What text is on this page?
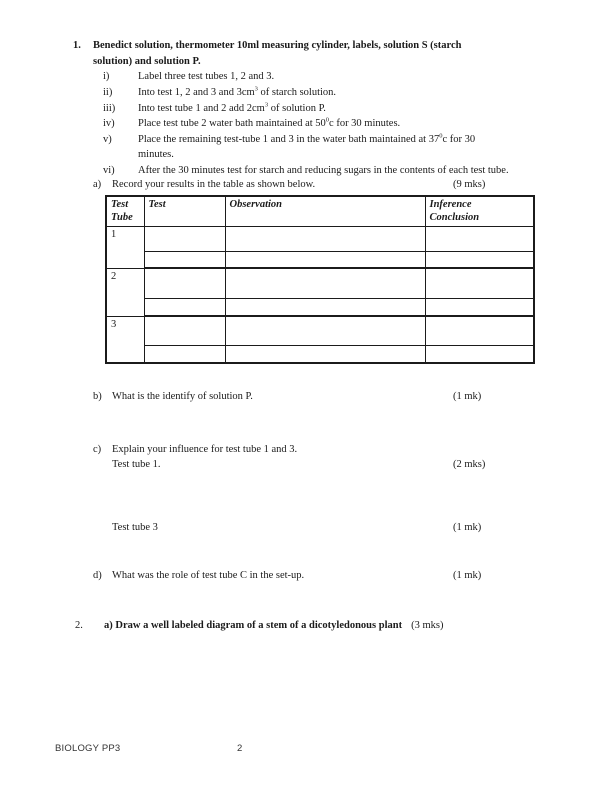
1. Benedict solution, thermometer 10ml measuring cylinder, labels, solution S (starch
solution) and solution P.
i)	Label three test tubes 1, 2 and 3.
ii) Into test 1, 2 and 3 and $3cm^3$ of starch solution.
iii) Into test tube 1 and 2 add $2cm^3$ of solution P.
iv) Place test tube 2 water bath maintained at $50^0c$ for 30 minutes.
v)	Place the remaining test-tube 1 and 3 in the water bath maintained at $37^0c$ for 30
minutes.
vi) After the 30 minutes test for starch and reducing sugars in the contents of each test tube.
a) Record your results in the table as shown below.	(9 mks)
Test
Tube	Test	Observation	Inference
Conclusion
1			

2			

3			

b) What is the identify of solution P.	(1 mk)
c) Explain your influence for test tube 1 and 3.
Test tube 1.	(2 mks)
Test tube 3	(1 mk)
d) What was the role of test tube C in the set-up.	(1 mk)
2. a) Draw a well labeled diagram of a stem of a dicotyledonous plant (3 mks)
BIOLOGY PP3	2
